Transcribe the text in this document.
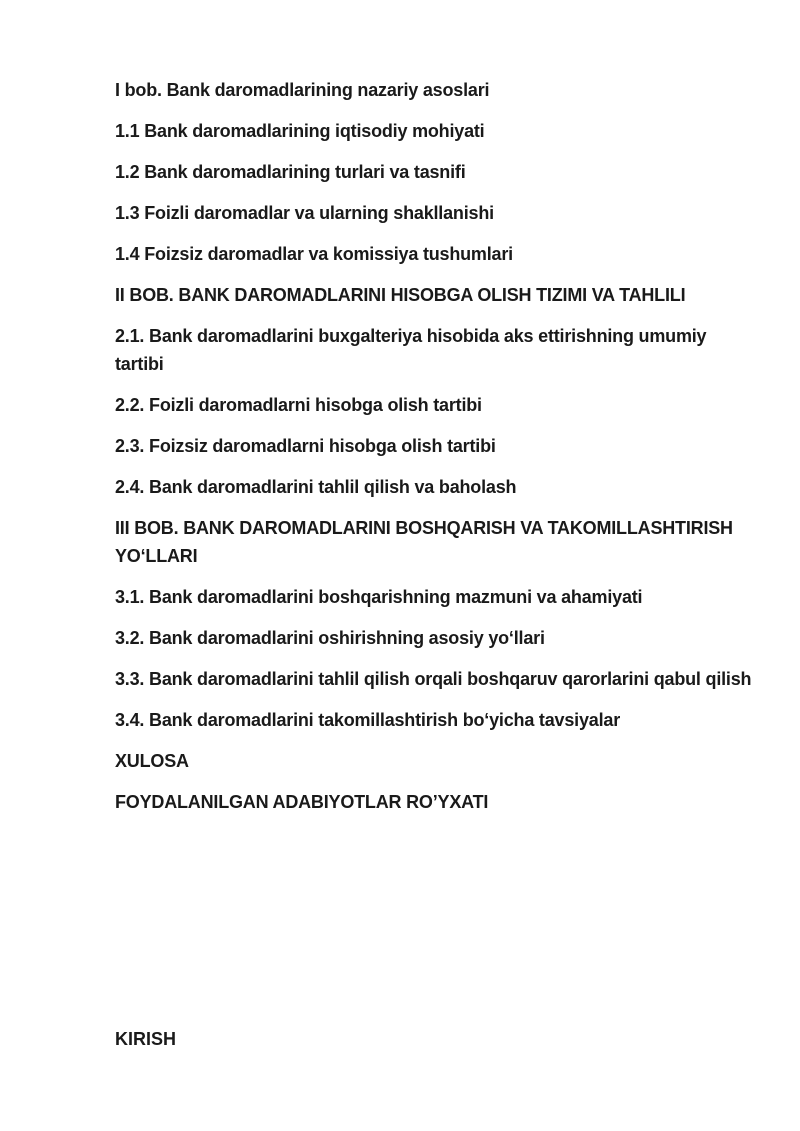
I bob. Bank daromadlarining nazariy asoslari

1.1 Bank daromadlarining iqtisodiy mohiyati

1.2 Bank daromadlarining turlari va tasnifi

1.3 Foizli daromadlar va ularning shakllanishi

1.4 Foizsiz daromadlar va komissiya tushumlari

II BOB. BANK DAROMADLARINI HISOBGA OLISH TIZIMI VA TAHLILI

2.1. Bank daromadlarini buxgalteriya hisobida aks ettirishning umumiy tartibi

2.2. Foizli daromadlarni hisobga olish tartibi

2.3. Foizsiz daromadlarni hisobga olish tartibi

2.4. Bank daromadlarini tahlil qilish va baholash

III BOB. BANK DAROMADLARINI BOSHQARISH VA TAKOMILLASHTIRISH YO‘LLARI

3.1. Bank daromadlarini boshqarishning mazmuni va ahamiyati

3.2. Bank daromadlarini oshirishning asosiy yo‘llari

3.3. Bank daromadlarini tahlil qilish orqali boshqaruv qarorlarini qabul qilish

3.4. Bank daromadlarini takomillashtirish bo‘yicha tavsiyalar

XULOSA

FOYDALANILGAN ADABIYOTLAR RO’YXATI

KIRISH
